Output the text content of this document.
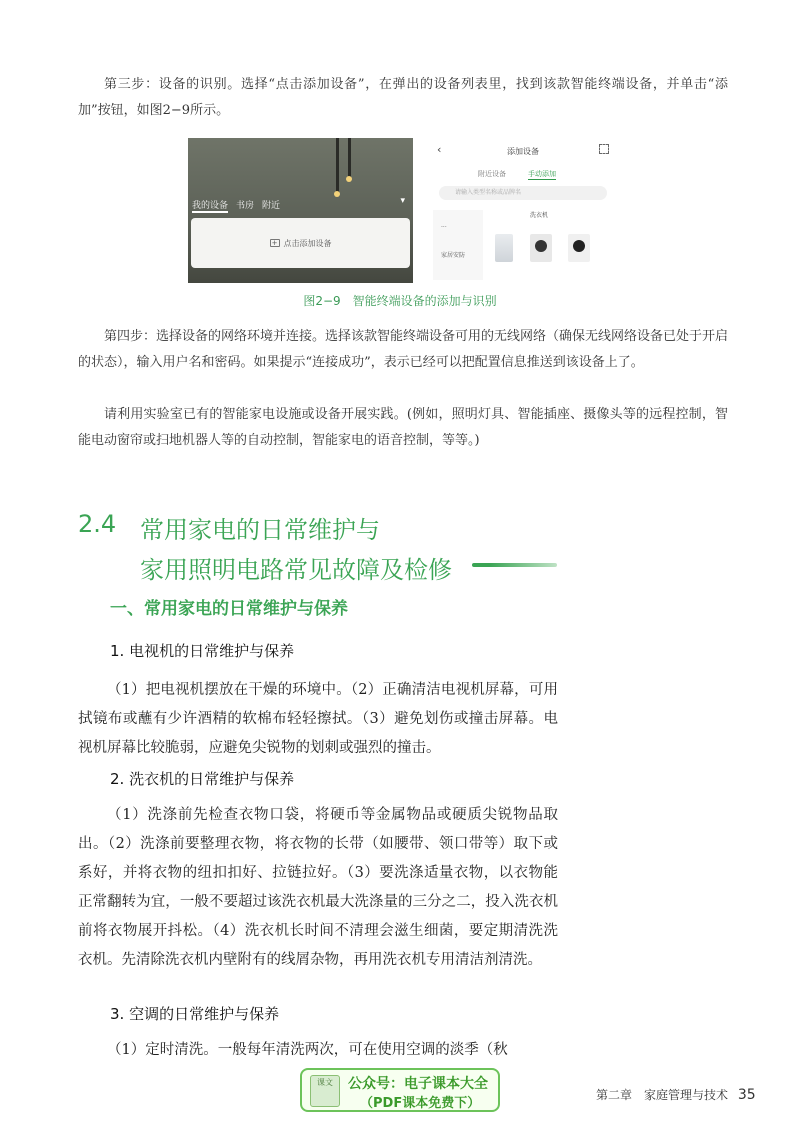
第三步：设备的识别。选择“点击添加设备”，在弹出的设备列表里，找到该款智能终端设备，并单击“添加”按钮，如图2−9所示。

我的设备 书房 附近	▾
+ 点击添加设备
‹	添加设备
附近设备	手动添加
请输入类型名称或品牌名
...
家居安防
洗衣机
图2−9　智能终端设备的添加与识别

第四步：选择设备的网络环境并连接。选择该款智能终端设备可用的无线网络（确保无线网络设备已处于开启的状态），输入用户名和密码。如果提示“连接成功”，表示已经可以把配置信息推送到该设备上了。

请利用实验室已有的智能家电设施或设备开展实践。(例如，照明灯具、智能插座、摄像头等的远程控制，智能电动窗帘或扫地机器人等的自动控制，智能家电的语音控制，等等。)

2.4 常用家电的日常维护与
家用照明电路常见故障及检修
一、常用家电的日常维护与保养
1. 电视机的日常维护与保养

（1）把电视机摆放在干燥的环境中。（2）正确清洁电视机屏幕，可用拭镜布或蘸有少许酒精的软棉布轻轻擦拭。（3）避免划伤或撞击屏幕。电视机屏幕比较脆弱，应避免尖锐物的划刺或强烈的撞击。

2. 洗衣机的日常维护与保养

（1）洗涤前先检查衣物口袋，将硬币等金属物品或硬质尖锐物品取出。（2）洗涤前要整理衣物，将衣物的长带（如腰带、领口带等）取下或系好，并将衣物的纽扣扣好、拉链拉好。（3）要洗涤适量衣物，以衣物能正常翻转为宜，一般不要超过该洗衣机最大洗涤量的三分之二，投入洗衣机前将衣物展开抖松。（4）洗衣机长时间不清理会滋生细菌，要定期清洗洗衣机。先清除洗衣机内壁附有的线屑杂物，再用洗衣机专用清洁剂清洗。

3. 空调的日常维护与保养

（1）定时清洗。一般每年清洗两次，可在使用空调的淡季（秋

课文	公众号：电子课本大全
（PDF课本免费下）
第二章　家庭管理与技术 35
